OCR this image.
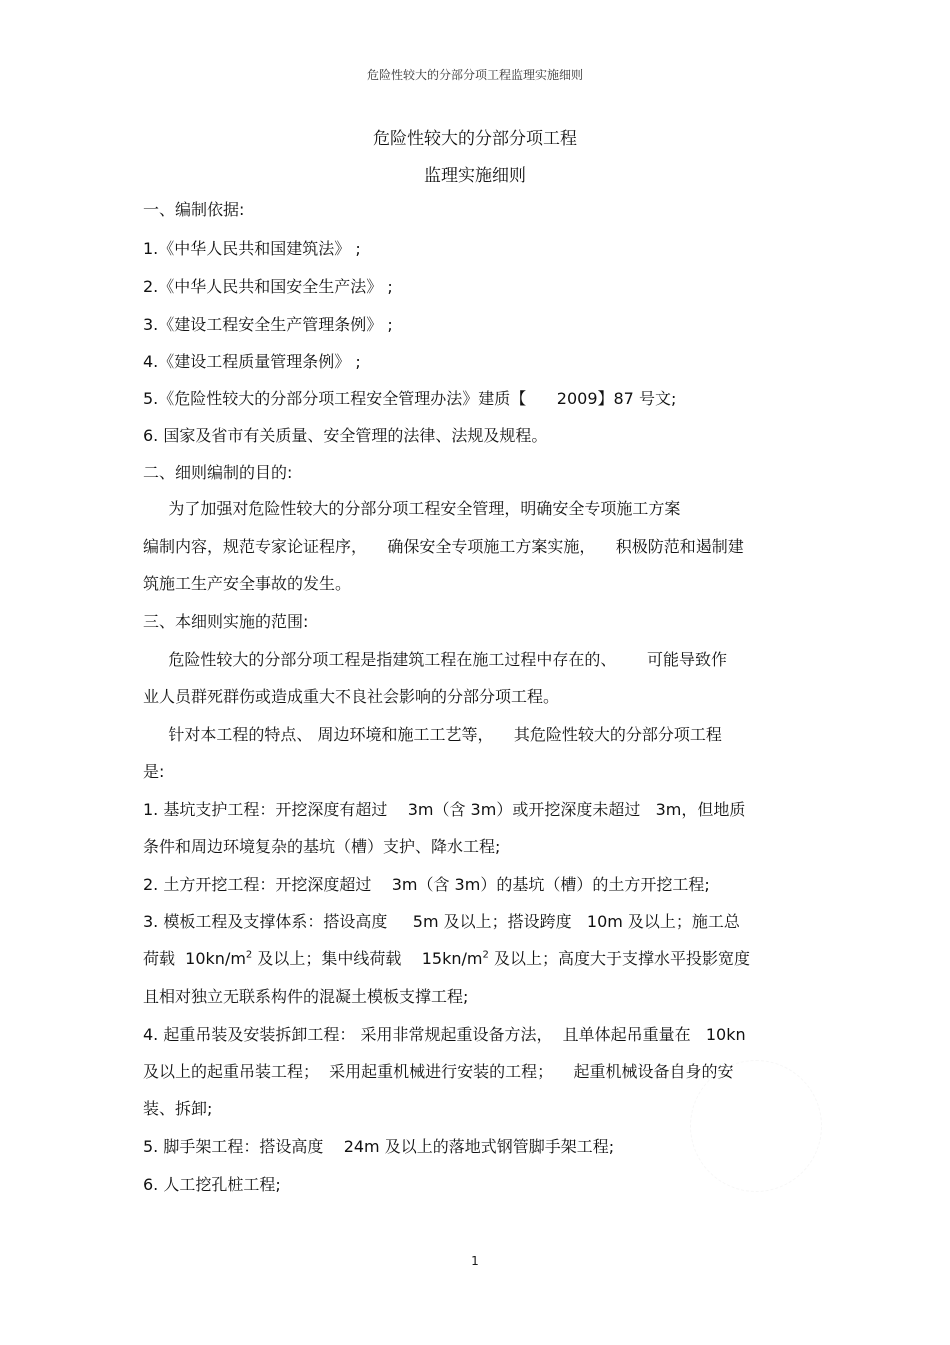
危险性较大的分部分项工程监理实施细则
危险性较大的分部分项工程
监理实施细则
一、编制依据:
1.《中华人民共和国建筑法》 ;
2.《中华人民共和国安全生产法》 ;
3.《建设工程安全生产管理条例》 ;
4.《建设工程质量管理条例》 ;
5.《危险性较大的分部分项工程安全管理办法》建质【      2009】87 号文;
6. 国家及省市有关质量、安全管理的法律、法规及规程。
二、细则编制的目的:
为了加强对危险性较大的分部分项工程安全管理，明确安全专项施工方案
编制内容，规范专家论证程序，    确保安全专项施工方案实施，    积极防范和遏制建
筑施工生产安全事故的发生。
三、本细则实施的范围:
危险性较大的分部分项工程是指建筑工程在施工过程中存在的、      可能导致作
业人员群死群伤或造成重大不良社会影响的分部分项工程。
针对本工程的特点、 周边环境和施工工艺等，    其危险性较大的分部分项工程
是:
1. 基坑支护工程：开挖深度有超过    3m（含 3m）或开挖深度未超过   3m，但地质
条件和周边环境复杂的基坑（槽）支护、降水工程;
2. 土方开挖工程：开挖深度超过    3m（含 3m）的基坑（槽）的土方开挖工程;
3. 模板工程及支撑体系：搭设高度     5m 及以上；搭设跨度   10m 及以上；施工总
荷载  $10kn/m^2$ 及以上；集中线荷载    $15kn/m^2$ 及以上；高度大于支撑水平投影宽度
且相对独立无联系构件的混凝土模板支撑工程;
4. 起重吊装及安装拆卸工程： 采用非常规起重设备方法，  且单体起吊重量在   10kn
及以上的起重吊装工程；  采用起重机械进行安装的工程；    起重机械设备自身的安
装、拆卸;
5. 脚手架工程：搭设高度    24m 及以上的落地式钢管脚手架工程;
6. 人工挖孔桩工程;
1
